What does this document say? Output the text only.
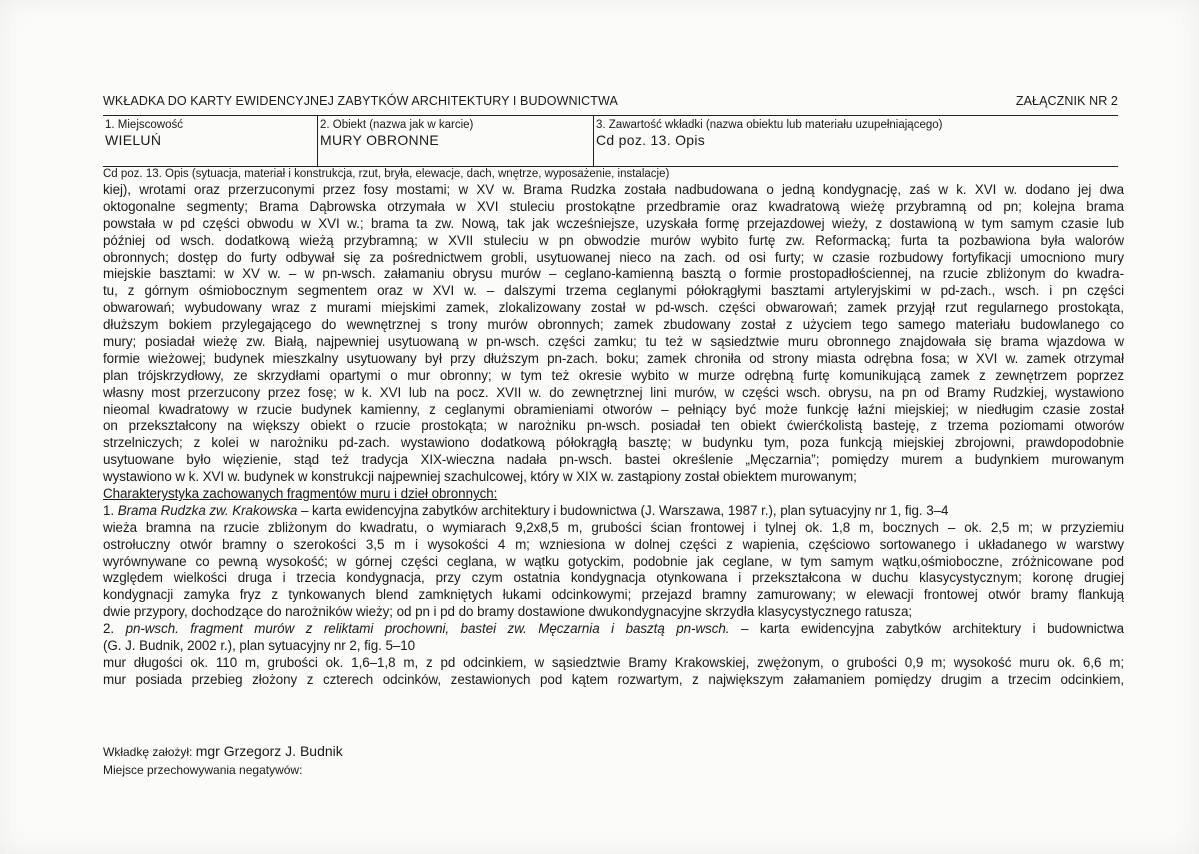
WKŁADKA DO KARTY EWIDENCYJNEJ ZABYTKÓW ARCHITEKTURY I BUDOWNICTWA	ZAŁĄCZNIK NR 2
1. Miejscowość
WIELUŃ
2. Obiekt (nazwa jak w karcie)
MURY OBRONNE
3. Zawartość wkładki (nazwa obiektu lub materiału uzupełniającego)
Cd poz. 13. Opis
Cd poz. 13. Opis (sytuacja, materiał i konstrukcja, rzut, bryła, elewacje, dach, wnętrze, wyposażenie, instalacje)
kiej), wrotami oraz przerzuconymi przez fosy mostami; w XV w. Brama Rudzka została nadbudowana o jedną kondygnację, zaś w k. XVI w. dodano jej dwa
oktogonalne segmenty; Brama Dąbrowska otrzymała w XVI stuleciu prostokątne przedbramie oraz kwadratową wieżę przybramną od pn; kolejna brama
powstała w pd części obwodu w XVI w.; brama ta zw. Nową, tak jak wcześniejsze, uzyskała formę przejazdowej wieży, z dostawioną w tym samym czasie lub
później od wsch. dodatkową wieżą przybramną; w XVII stuleciu w pn obwodzie murów wybito furtę zw. Reformacką; furta ta pozbawiona była walorów
obronnych; dostęp do furty odbywał się za pośrednictwem grobli, usytuowanej nieco na zach. od osi furty; w czasie rozbudowy fortyfikacji umocniono mury
miejskie basztami: w XV w. – w pn-wsch. załamaniu obrysu murów – ceglano-kamienną basztą o formie prostopadłościennej, na rzucie zbliżonym do kwadra-
tu, z górnym ośmiobocznym segmentem oraz w XVI w. – dalszymi trzema ceglanymi półokrągłymi basztami artyleryjskimi w pd-zach., wsch. i pn części
obwarowań; wybudowany wraz z murami miejskimi zamek, zlokalizowany został w pd-wsch. części obwarowań; zamek przyjął rzut regularnego prostokąta,
dłuższym bokiem przylegającego do wewnętrznej s trony murów obronnych; zamek zbudowany został z użyciem tego samego materiału budowlanego co
mury; posiadał wieżę zw. Białą, najpewniej usytuowaną w pn-wsch. części zamku; tu też w sąsiedztwie muru obronnego znajdowała się brama wjazdowa w
formie wieżowej; budynek mieszkalny usytuowany był przy dłuższym pn-zach. boku; zamek chroniła od strony miasta odrębna fosa; w XVI w. zamek otrzymał
plan trójskrzydłowy, ze skrzydłami opartymi o mur obronny; w tym też okresie wybito w murze odrębną furtę komunikującą zamek z zewnętrzem poprzez
własny most przerzucony przez fosę; w k. XVI lub na pocz. XVII w. do zewnętrznej lini murów, w części wsch. obrysu, na pn od Bramy Rudzkiej, wystawiono
nieomal kwadratowy w rzucie budynek kamienny, z ceglanymi obramieniami otworów – pełniący być może funkcję łaźni miejskiej; w niedługim czasie został
on przekształcony na większy obiekt o rzucie prostokąta; w narożniku pn-wsch. posiadał ten obiekt ćwierćkolistą basteję, z trzema poziomami otworów
strzelniczych; z kolei w narożniku pd-zach. wystawiono dodatkową półokrągłą basztę; w budynku tym, poza funkcją miejskiej zbrojowni, prawdopodobnie
usytuowane było więzienie, stąd też tradycja XIX-wieczna nadała pn-wsch. bastei określenie „Męczarnia”; pomiędzy murem a budynkiem murowanym
wystawiono w k. XVI w. budynek w konstrukcji najpewniej szachulcowej, który w XIX w. zastąpiony został obiektem murowanym;
Charakterystyka zachowanych fragmentów muru i dzieł obronnych:
1. Brama Rudzka zw. Krakowska – karta ewidencyjna zabytków architektury i budownictwa (J. Warszawa, 1987 r.), plan sytuacyjny nr 1, fig. 3–4
wieża bramna na rzucie zbliżonym do kwadratu, o wymiarach 9,2x8,5 m, grubości ścian frontowej i tylnej ok. 1,8 m, bocznych – ok. 2,5 m; w przyziemiu
ostrołuczny otwór bramny o szerokości 3,5 m i wysokości 4 m; wzniesiona w dolnej części z wapienia, częściowo sortowanego i układanego w warstwy
wyrównywane co pewną wysokość; w górnej części ceglana, w wątku gotyckim, podobnie jak ceglane, w tym samym wątku,ośmioboczne, zróżnicowane pod
względem wielkości druga i trzecia kondygnacja, przy czym ostatnia kondygnacja otynkowana i przekształcona w duchu klasycystycznym; koronę drugiej
kondygnacji zamyka fryz z tynkowanych blend zamkniętych łukami odcinkowymi; przejazd bramny zamurowany; w elewacji frontowej otwór bramy flankują
dwie przypory, dochodzące do narożników wieży; od pn i pd do bramy dostawione dwukondygnacyjne skrzydła klasycystycznego ratusza;
2. pn-wsch. fragment murów z reliktami prochowni, bastei zw. Męczarnia i basztą pn-wsch. – karta ewidencyjna zabytków architektury i budownictwa
(G. J. Budnik, 2002 r.), plan sytuacyjny nr 2, fig. 5–10
mur długości ok. 110 m, grubości ok. 1,6–1,8 m, z pd odcinkiem, w sąsiedztwie Bramy Krakowskiej, zwężonym, o grubości 0,9 m; wysokość muru ok. 6,6 m;
mur posiada przebieg złożony z czterech odcinków, zestawionych pod kątem rozwartym, z największym załamaniem pomiędzy drugim a trzecim odcinkiem,
Wkładkę założył: mgr Grzegorz J. Budnik
Miejsce przechowywania negatywów:
